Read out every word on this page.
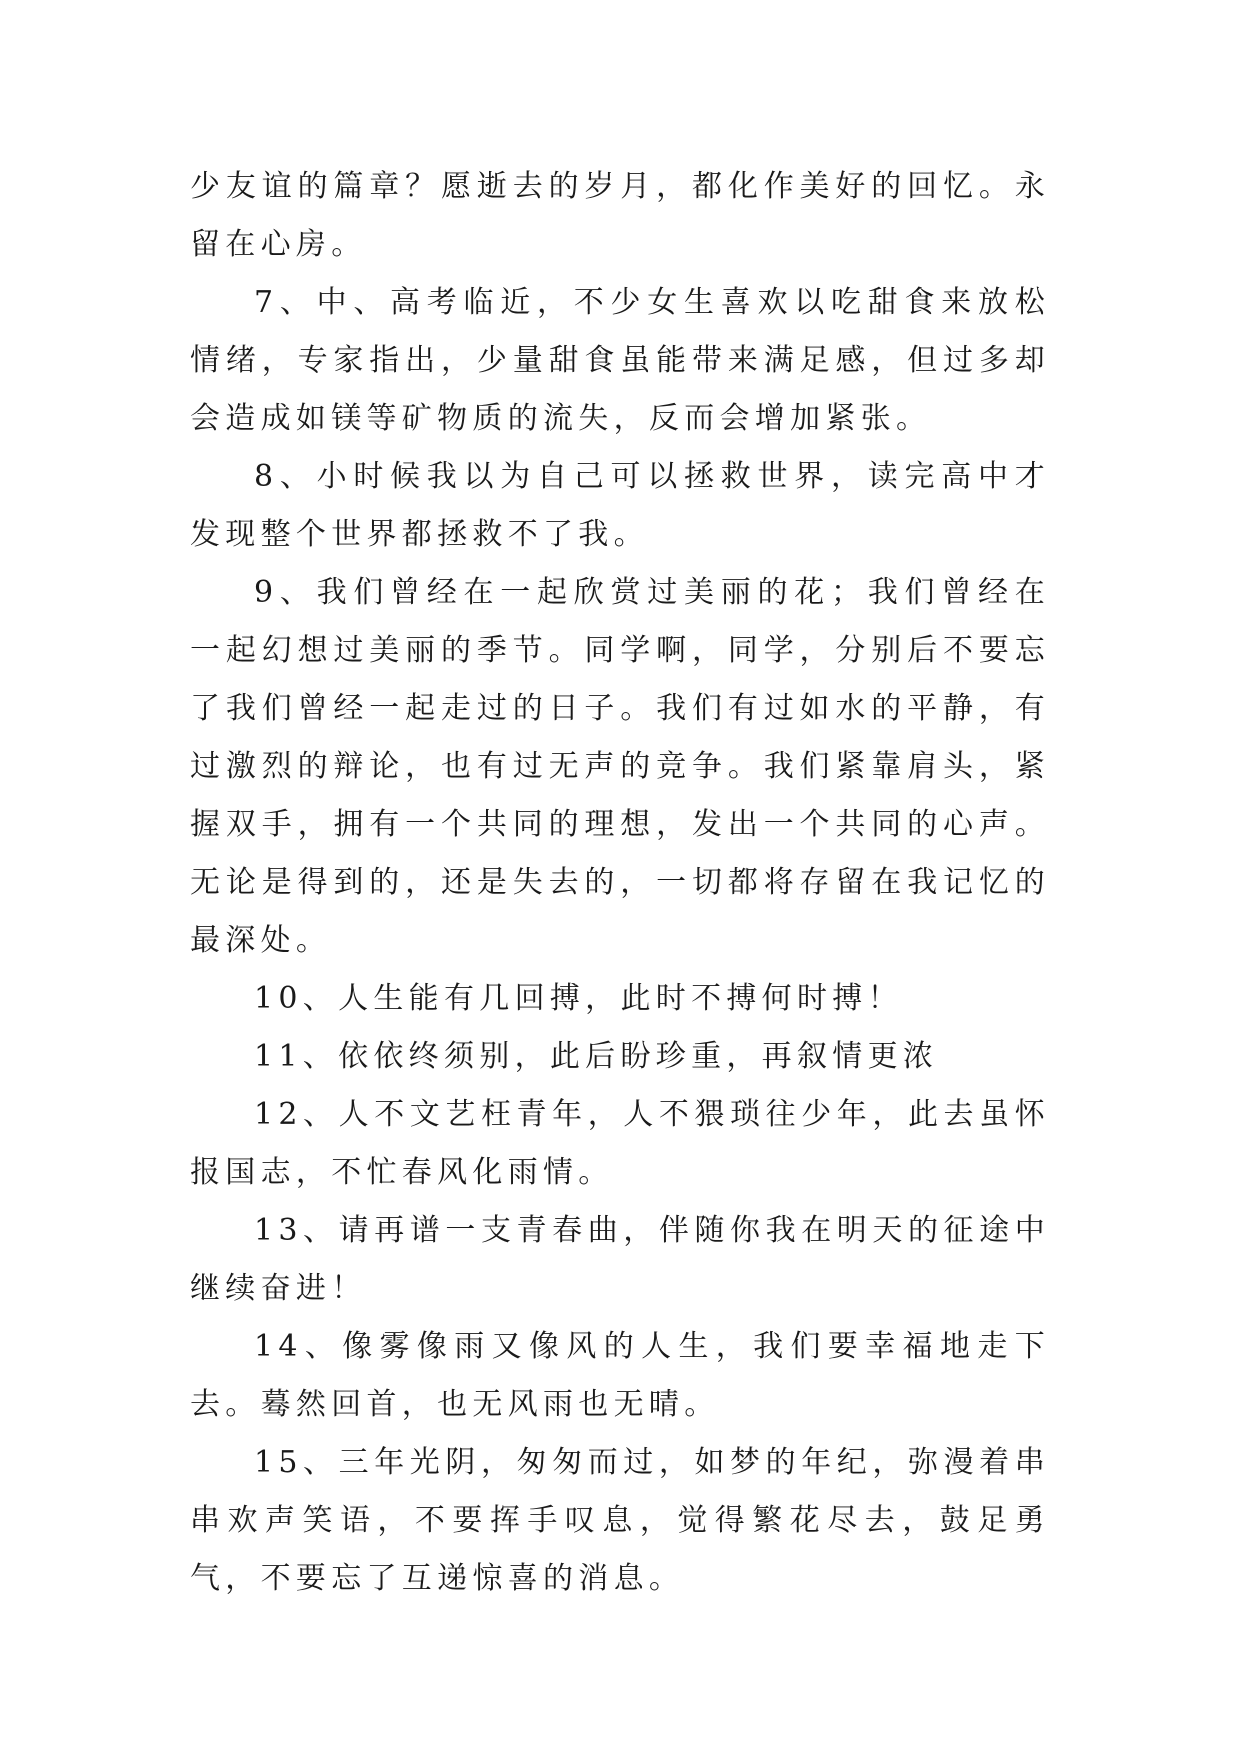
少友谊的篇章？愿逝去的岁月，都化作美好的回忆。永留在心房。

7、中、高考临近，不少女生喜欢以吃甜食来放松情绪，专家指出，少量甜食虽能带来满足感，但过多却会造成如镁等矿物质的流失，反而会增加紧张。

8、小时候我以为自己可以拯救世界，读完高中才发现整个世界都拯救不了我。

9、我们曾经在一起欣赏过美丽的花；我们曾经在一起幻想过美丽的季节。同学啊，同学，分别后不要忘了我们曾经一起走过的日子。我们有过如水的平静，有过激烈的辩论，也有过无声的竞争。我们紧靠肩头，紧握双手，拥有一个共同的理想，发出一个共同的心声。无论是得到的，还是失去的，一切都将存留在我记忆的最深处。

10、人生能有几回搏，此时不搏何时搏！

11、依依终须别，此后盼珍重，再叙情更浓

12、人不文艺枉青年，人不猥琐往少年，此去虽怀报国志，不忙春风化雨情。

13、请再谱一支青春曲，伴随你我在明天的征途中继续奋进！

14、像雾像雨又像风的人生，我们要幸福地走下去。蓦然回首，也无风雨也无晴。

15、三年光阴，匆匆而过，如梦的年纪，弥漫着串串欢声笑语，不要挥手叹息，觉得繁花尽去，鼓足勇气，不要忘了互递惊喜的消息。
